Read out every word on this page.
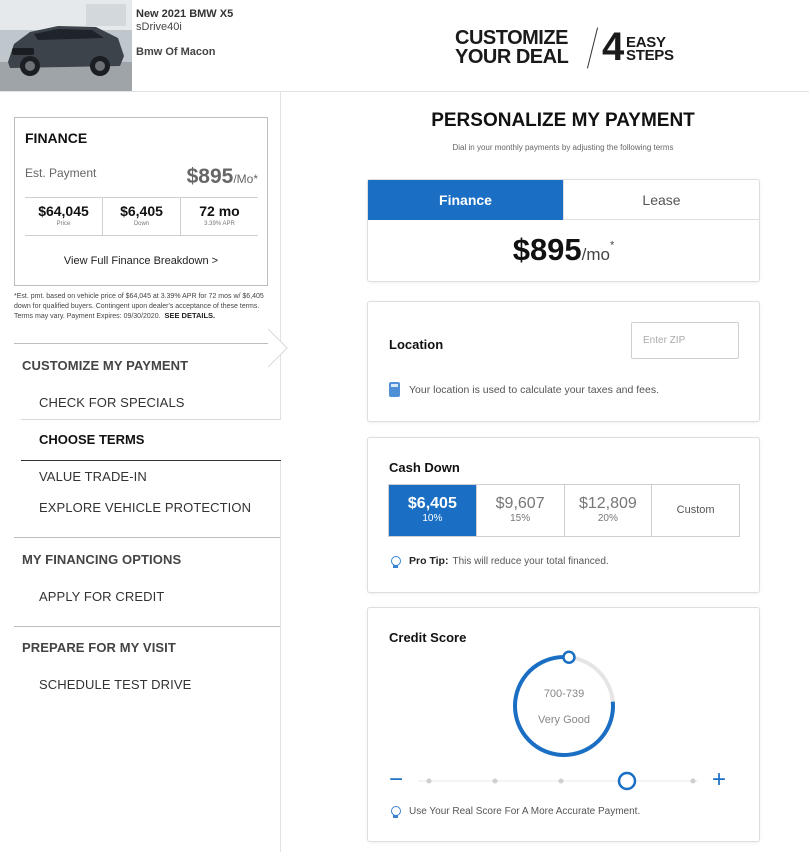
New 2021 BMW X5
sDrive40i
Bmw Of Macon
CUSTOMIZE
YOUR DEAL 4 EASY
STEPS
FINANCE
Est. Payment	$895/Mo*
$64,045
Price
$6,405
Down
72 mo
3.39% APR
View Full Finance Breakdown >
*Est. pmt. based on vehicle price of $64,045 at 3.39% APR for 72 mos w/ $6,405 down for qualified buyers. Contingent upon dealer's acceptance of these terms. Terms may vary. Payment Expires: 09/30/2020. SEE DETAILS.
CUSTOMIZE MY PAYMENT
CHECK FOR SPECIALS
CHOOSE TERMS
VALUE TRADE-IN
EXPLORE VEHICLE PROTECTION
MY FINANCING OPTIONS
APPLY FOR CREDIT
PREPARE FOR MY VISIT
SCHEDULE TEST DRIVE
PERSONALIZE MY PAYMENT
Dial in your monthly payments by adjusting the following terms
Finance	Lease
$895/mo*
Location
Enter ZIP
Your location is used to calculate your taxes and fees.
Cash Down
$6,405
10%
$9,607
15%
$12,809
20%
Custom
Pro Tip: This will reduce your total financed.
Credit Score
700-739
Very Good
−	+
Use Your Real Score For A More Accurate Payment.
